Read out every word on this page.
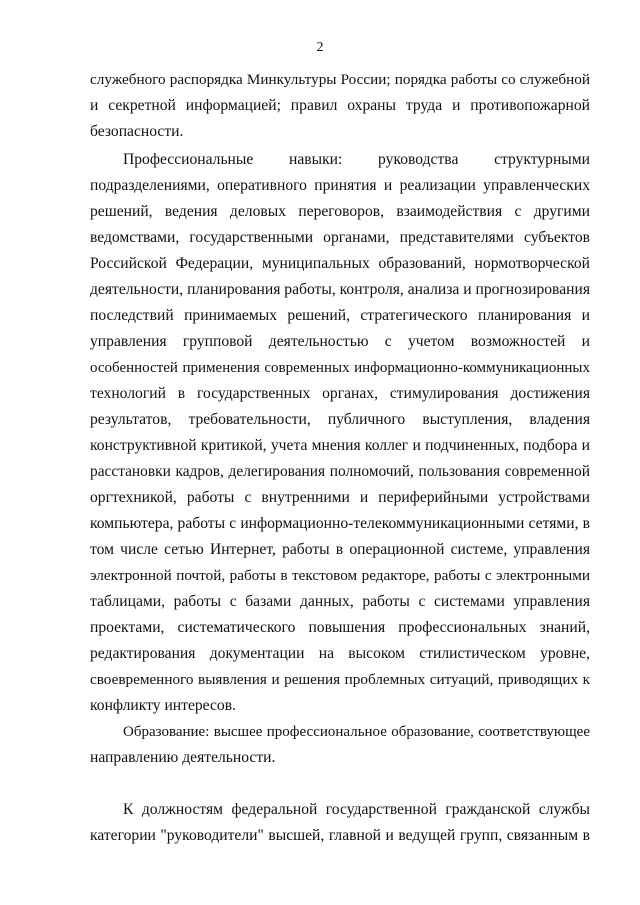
2
служебного распорядка Минкультуры России; порядка работы со служебной
и секретной информацией; правил охраны труда и противопожарной
безопасности.
Профессиональные навыки: руководства структурными
подразделениями, оперативного принятия и реализации управленческих
решений, ведения деловых переговоров, взаимодействия с другими
ведомствами, государственными органами, представителями субъектов
Российской Федерации, муниципальных образований, нормотворческой
деятельности, планирования работы, контроля, анализа и прогнозирования
последствий принимаемых решений, стратегического планирования и
управления групповой деятельностью с учетом возможностей и
особенностей применения современных информационно-коммуникационных
технологий в государственных органах, стимулирования достижения
результатов, требовательности, публичного выступления, владения
конструктивной критикой, учета мнения коллег и подчиненных, подбора и
расстановки кадров, делегирования полномочий, пользования современной
оргтехникой, работы с внутренними и периферийными устройствами
компьютера, работы с информационно-телекоммуникационными сетями, в
том числе сетью Интернет, работы в операционной системе, управления
электронной почтой, работы в текстовом редакторе, работы с электронными
таблицами, работы с базами данных, работы с системами управления
проектами, систематического повышения профессиональных знаний,
редактирования документации на высоком стилистическом уровне,
своевременного выявления и решения проблемных ситуаций, приводящих к
конфликту интересов.
Образование: высшее профессиональное образование, соответствующее
направлению деятельности.
К должностям федеральной государственной гражданской службы
категории "руководители" высшей, главной и ведущей групп, связанным в
